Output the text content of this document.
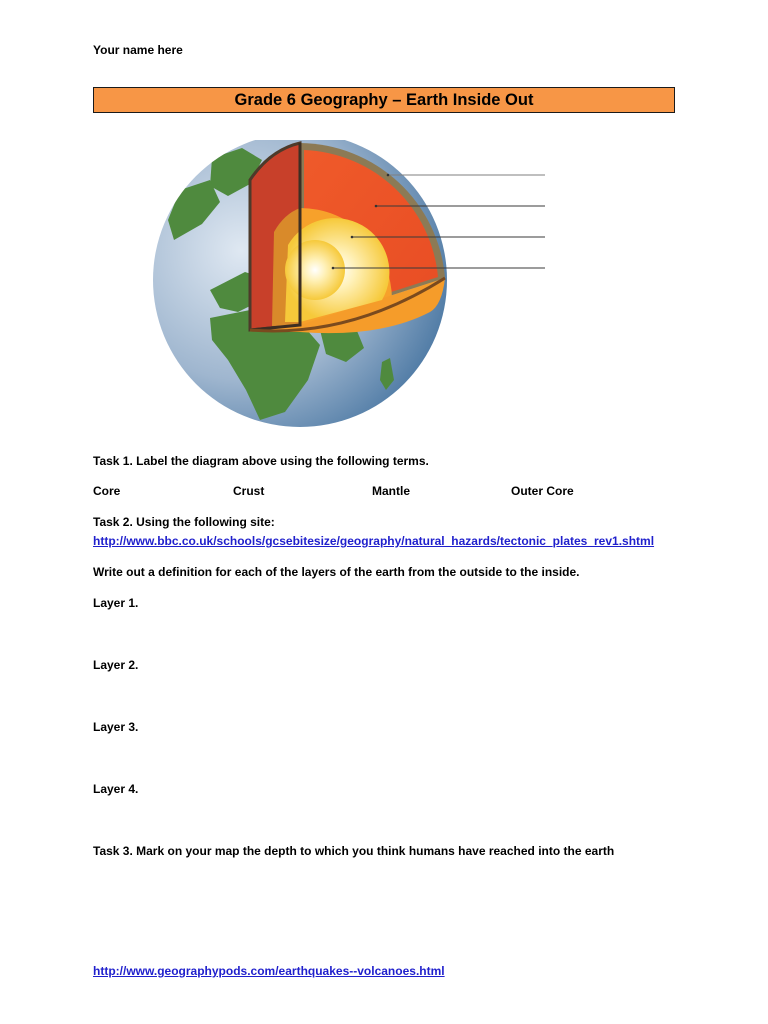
Your name here
Grade 6 Geography – Earth Inside Out
Task 1. Label the diagram above using the following terms.
Core	Crust	Mantle	Outer Core
Task 2. Using the following site:
http://www.bbc.co.uk/schools/gcsebitesize/geography/natural_hazards/tectonic_plates_rev1.shtml
Write out a definition for each of the layers of the earth from the outside to the inside.
Layer 1.
Layer 2.
Layer 3.
Layer 4.
Task 3. Mark on your map the depth to which you think humans have reached into the earth
http://www.geographypods.com/earthquakes--volcanoes.html
